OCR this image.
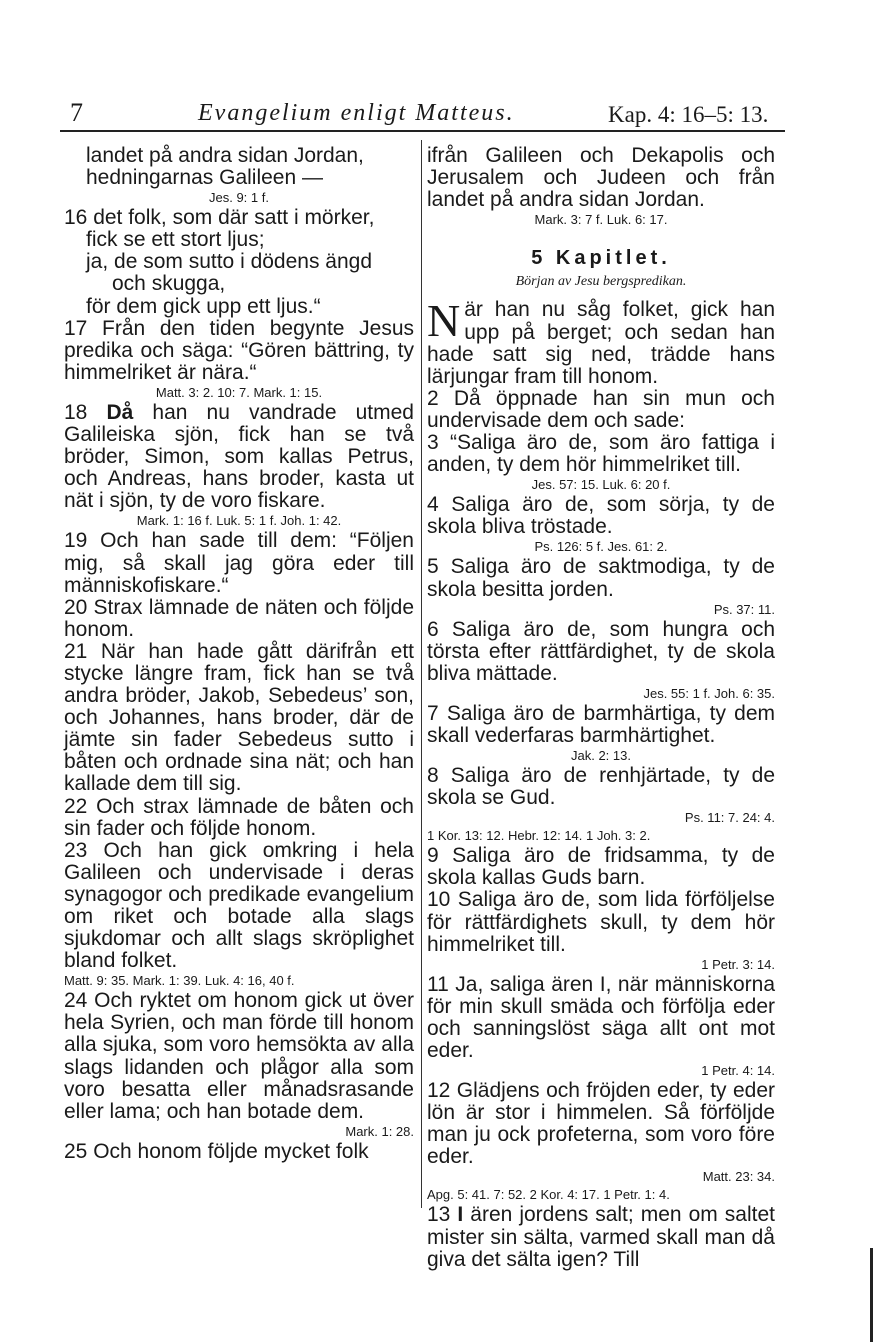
7	Evangelium enligt Matteus.	Kap. 4: 16–5: 13.

landet på andra sidan Jordan,

hedningarnas Galileen —

Jes. 9: 1 f.

16 det folk, som där satt i mörker,

fick se ett stort ljus;

ja, de som sutto i dödens ängd

och skugga,

för dem gick upp ett ljus.“

17 Från den tiden begynte Jesus predika och säga: “Gören bättring, ty himmelriket är nära.“

Matt. 3: 2. 10: 7. Mark. 1: 15.

18 Då han nu vandrade utmed Galileiska sjön, fick han se två bröder, Simon, som kallas Petrus, och Andreas, hans broder, kasta ut nät i sjön, ty de voro fiskare.

Mark. 1: 16 f. Luk. 5: 1 f. Joh. 1: 42.

19 Och han sade till dem: “Följen mig, så skall jag göra eder till människofiskare.“

20 Strax lämnade de näten och följde honom.

21 När han hade gått därifrån ett stycke längre fram, fick han se två andra bröder, Jakob, Sebedeus’ son, och Johannes, hans broder, där de jämte sin fader Sebedeus sutto i båten och ordnade sina nät; och han kallade dem till sig.

22 Och strax lämnade de båten och sin fader och följde honom.

23 Och han gick omkring i hela Galileen och undervisade i deras synagogor och predikade evangelium om riket och botade alla slags sjukdomar och allt slags skröplighet bland folket.

Matt. 9: 35. Mark. 1: 39. Luk. 4: 16, 40 f.

24 Och ryktet om honom gick ut över hela Syrien, och man förde till honom alla sjuka, som voro hemsökta av alla slags lidanden och plågor alla som voro besatta eller månadsrasande eller lama; och han botade dem.

Mark. 1: 28.

25 Och honom följde mycket folk

ifrån Galileen och Dekapolis och Jerusalem och Judeen och från landet på andra sidan Jordan.

Mark. 3: 7 f. Luk. 6: 17.

5 Kapitlet.

Början av Jesu bergspredikan.

När han nu såg folket, gick han upp på berget; och sedan han hade satt sig ned, trädde hans lärjungar fram till honom.

2 Då öppnade han sin mun och undervisade dem och sade:

3 “Saliga äro de, som äro fattiga i anden, ty dem hör himmelriket till.

Jes. 57: 15. Luk. 6: 20 f.

4 Saliga äro de, som sörja, ty de skola bliva tröstade.

Ps. 126: 5 f. Jes. 61: 2.

5 Saliga äro de saktmodiga, ty de skola besitta jorden.

Ps. 37: 11.

6 Saliga äro de, som hungra och törsta efter rättfärdighet, ty de skola bliva mättade.

Jes. 55: 1 f. Joh. 6: 35.

7 Saliga äro de barmhärtiga, ty dem skall vederfaras barmhärtighet.

Jak. 2: 13.

8 Saliga äro de renhjärtade, ty de skola se Gud.

Ps. 11: 7. 24: 4.

1 Kor. 13: 12. Hebr. 12: 14. 1 Joh. 3: 2.

9 Saliga äro de fridsamma, ty de skola kallas Guds barn.

10 Saliga äro de, som lida förföljelse för rättfärdighets skull, ty dem hör himmelriket till.

1 Petr. 3: 14.

11 Ja, saliga ären I, när människorna för min skull smäda och förfölja eder och sanningslöst säga allt ont mot eder.

1 Petr. 4: 14.

12 Glädjens och fröjden eder, ty eder lön är stor i himmelen. Så förföljde man ju ock profeterna, som voro före eder.

Matt. 23: 34.

Apg. 5: 41. 7: 52. 2 Kor. 4: 17. 1 Petr. 1: 4.

13 I ären jordens salt; men om saltet mister sin sälta, varmed skall man då giva det sälta igen? Till
